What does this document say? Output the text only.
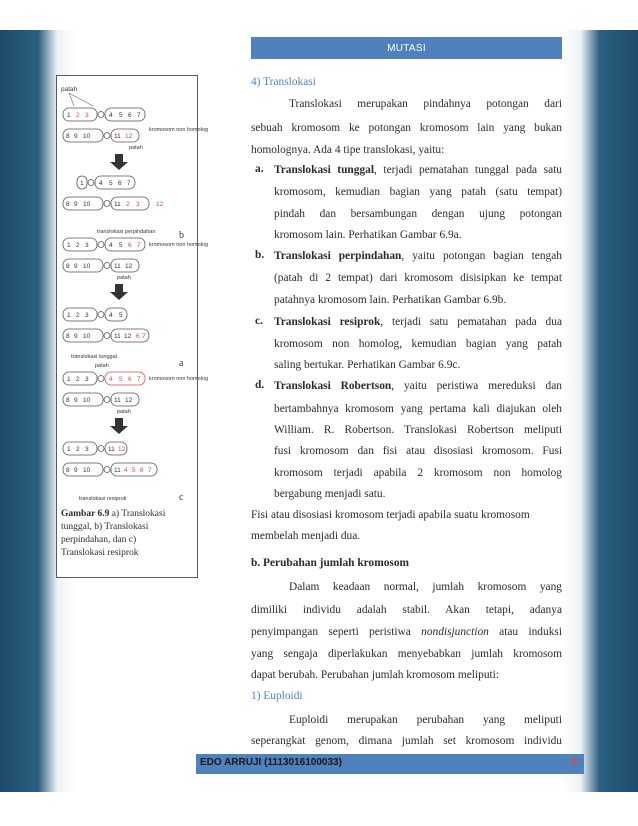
MUTASI
patah
1 2 3	4 5 6 7
kromosom non homolog
8 9 10	11 12
patah
1 4 5 6 7
8 9 10	11 2 3	12
translokasi perpindahan
1 2 3	4 5 6 7 kromosom non homolog
8 9 10	11 12
patah
1 2 3	4 5
8 9 10	11 12 6 7
translokasi tunggal
patah
1 2 3	4 5 6 7 kromosom non homolog
8 9 10	11 12
patah
1 2 3	11 12
8 9 10	11 4 5 6 7
translokasi resiprok
b
a
c
Gambar 6.9 a) Translokasi
tunggal, b) Translokasi
perpindahan, dan c)
Translokasi resiprok
4) Translokasi
Translokasi merupakan pindahnya potongan dari
sebuah kromosom ke potongan kromosom lain yang bukan
homolognya. Ada 4 tipe translokasi, yaitu:
a. Translokasi tunggal, terjadi pematahan tunggal pada satu
kromosom, kemudian bagian yang patah (satu tempat)
pindah dan bersambungan dengan ujung potongan
kromosom lain. Perhatikan Gambar 6.9a.
b. Translokasi perpindahan, yaitu potongan bagian tengah
(patah di 2 tempat) dari kromosom disisipkan ke tempat
patahnya kromosom lain. Perhatikan Gambar 6.9b.
c. Translokasi resiprok, terjadi satu pematahan pada dua
kromosom non homolog, kemudian bagian yang patah
saling bertukar. Perhatikan Gambar 6.9c.
d. Translokasi Robertson, yaitu peristiwa mereduksi dan
bertambahnya kromosom yang pertama kali diajukan oleh
William. R. Robertson. Translokasi Robertson meliputi
fusi kromosom dan fisi atau disosiasi kromosom. Fusi
kromosom terjadi apabila 2 kromosom non homolog
bergabung menjadi satu.
Fisi atau disosiasi kromosom terjadi apabila suatu kromosom
membelah menjadi dua.
b. Perubahan jumlah kromosom
Dalam keadaan normal, jumlah kromosom yang
dimiliki individu adalah stabil. Akan tetapi, adanya
penyimpangan seperti peristiwa nondisjunction atau induksi
yang sengaja diperlakukan menyebabkan jumlah kromosom
dapat berubah. Perubahan jumlah kromosom meliputi:
1) Euploidi
Euploidi merupakan perubahan yang meliputi
seperangkat genom, dimana jumlah set kromosom individu
EDO ARRUJI (1113016100033)	6
